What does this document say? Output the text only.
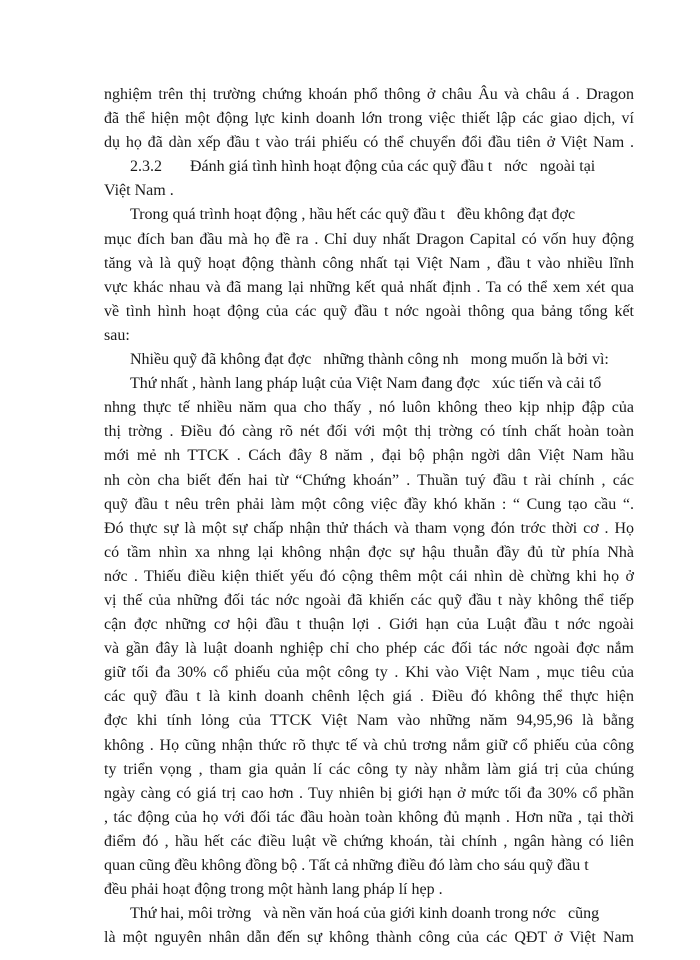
nghiệm trên thị trường chứng khoán phổ thông ở châu Âu và châu á . Dragon
đã thể hiện một động lực kinh doanh lớn trong việc thiết lập các giao dịch, ví
dụ họ đã dàn xếp đầu t vào trái phiếu có thể chuyển đổi đầu tiên ở Việt Nam .
2.3.2       Đánh giá tình hình hoạt động của các quỹ đầu t   nớc   ngoài tại
Việt Nam .
Trong quá trình hoạt động , hầu hết các quỹ đầu t   đều không đạt đợc
mục đích ban đầu mà họ đề ra . Chỉ duy nhất Dragon Capital có vốn huy động
tăng và là quỹ hoạt động thành công nhất tại Việt Nam , đầu t vào nhiều lĩnh
vực khác nhau và đã mang lại những kết quả nhất định . Ta có thể xem xét qua
về tình hình hoạt động của các quỹ đầu t nớc ngoài thông qua bảng tổng kết
sau:
Nhiều quỹ đã không đạt đợc   những thành công nh   mong muốn là bởi vì:
Thứ nhất , hành lang pháp luật của Việt Nam đang đợc   xúc tiến và cải tổ
nhng thực tế nhiều năm qua cho thấy , nó luôn không theo kịp nhịp đập của
thị trờng . Điều đó càng rõ nét đối với một thị trờng có tính chất hoàn toàn
mới mẻ nh TTCK . Cách đây 8 năm , đại bộ phận ngời dân Việt Nam hầu
nh còn cha biết đến hai từ “Chứng khoán” . Thuần tuý đầu t rài chính , các
quỹ đầu t nêu trên phải làm một công việc đầy khó khăn : “ Cung tạo cầu “.
Đó thực sự là một sự chấp nhận thử thách và tham vọng đón trớc thời cơ . Họ
có tầm nhìn xa nhng lại không nhận đợc sự hậu thuẫn đầy đủ từ phía Nhà
nớc . Thiếu điều kiện thiết yếu đó cộng thêm một cái nhìn dè chừng khi họ ở
vị thế của những đối tác nớc ngoài đã khiến các quỹ đầu t này không thể tiếp
cận đợc những cơ hội đầu t thuận lợi . Giới hạn của Luật đầu t nớc ngoài
và gần đây là luật doanh nghiệp chỉ cho phép các đối tác nớc ngoài đợc nắm
giữ tối đa 30% cổ phiếu của một công ty . Khi vào Việt Nam , mục tiêu của
các quỹ đầu t là kinh doanh chênh lệch giá . Điều đó không thể thực hiện
đợc khi tính lỏng của TTCK Việt Nam vào những năm 94,95,96 là bằng
không . Họ cũng nhận thức rõ thực tế và chủ trơng nắm giữ cổ phiếu của công
ty triển vọng , tham gia quản lí các công ty này nhằm làm giá trị của chúng
ngày càng có giá trị cao hơn . Tuy nhiên bị giới hạn ở mức tối đa 30% cổ phần
, tác động của họ với đối tác đầu hoàn toàn không đủ mạnh . Hơn nữa , tại thời
điểm đó , hầu hết các điều luật về chứng khoán, tài chính , ngân hàng có liên
quan cũng đều không đồng bộ . Tất cả những điều đó làm cho sáu quỹ đầu t
đều phải hoạt động trong một hành lang pháp lí hẹp .
Thứ hai, môi trờng   và nền văn hoá của giới kinh doanh trong nớc   cũng
là một nguyên nhân dẫn đến sự không thành công của các QĐT ở Việt Nam
